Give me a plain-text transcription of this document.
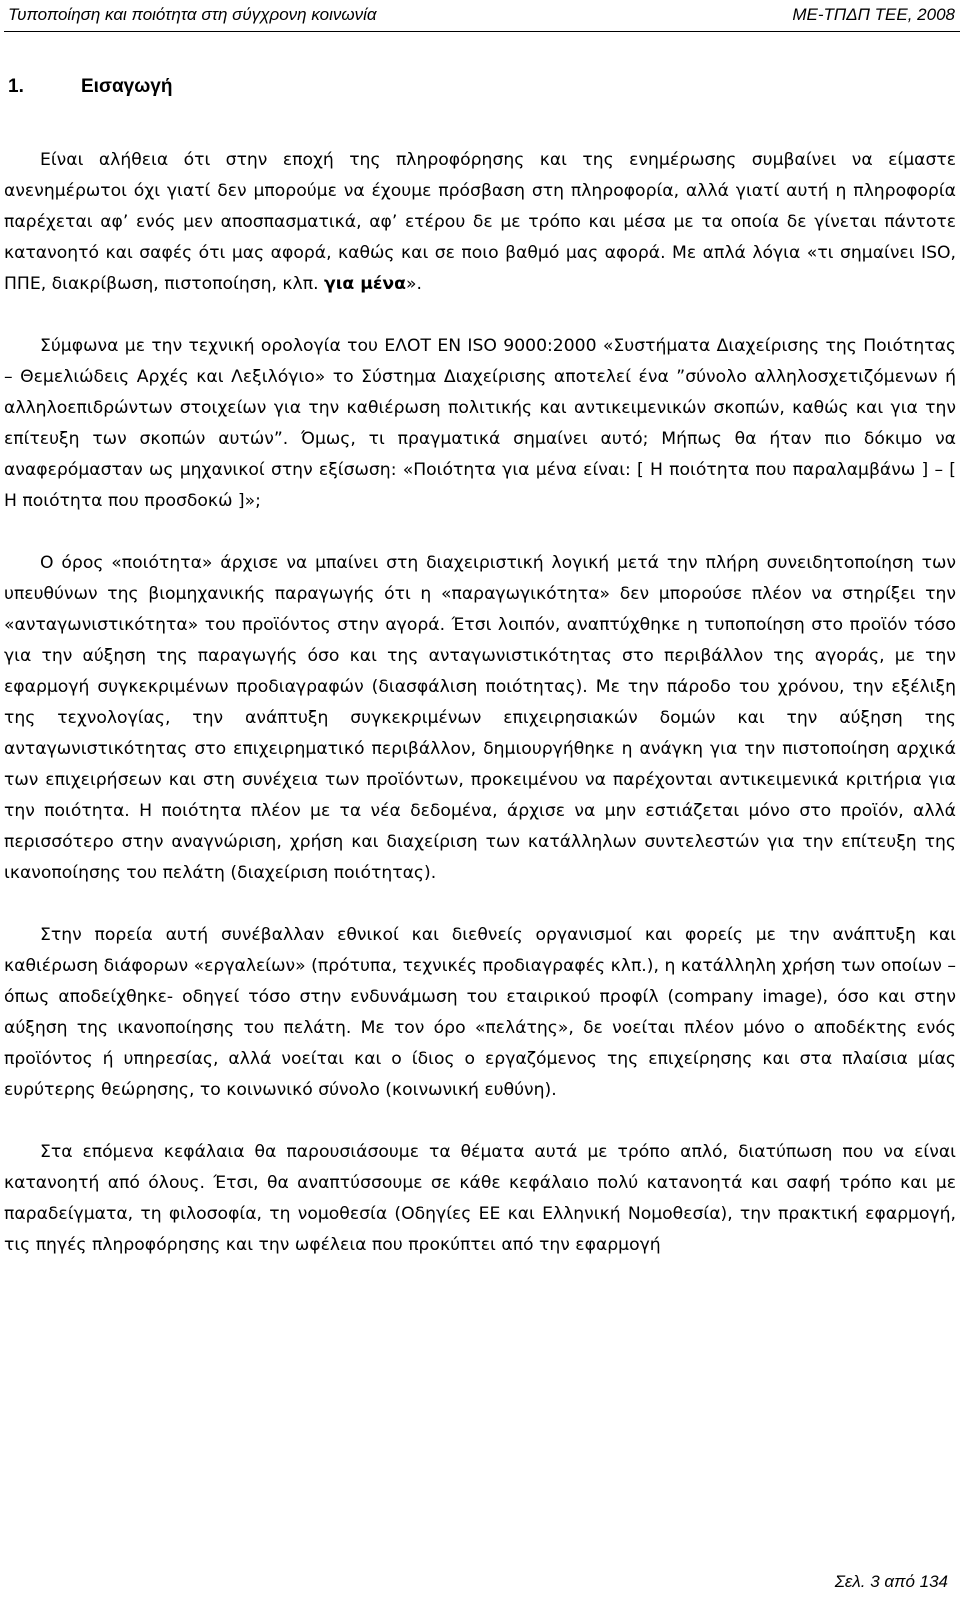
Τυποποίηση και ποιότητα στη σύγχρονη κοινωνία	ΜΕ-ΤΠΔΠ ΤΕΕ, 2008
1.	Εισαγωγή

Είναι αλήθεια ότι στην εποχή της πληροφόρησης και της ενημέρωσης συμβαίνει να είμαστε ανενημέρωτοι όχι γιατί δεν μπορούμε να έχουμε πρόσβαση στη πληροφορία, αλλά γιατί αυτή η πληροφορία παρέχεται αφ’ ενός μεν αποσπασματικά, αφ’ ετέρου δε με τρόπο και μέσα με τα οποία δε γίνεται πάντοτε κατανοητό και σαφές ότι μας αφορά, καθώς και σε ποιο βαθμό μας αφορά. Με απλά λόγια «τι σημαίνει ISO, ΠΠΕ, διακρίβωση, πιστοποίηση, κλπ. για μένα».

Σύμφωνα με την τεχνική ορολογία του ΕΛΟΤ EN ISO 9000:2000 «Συστήματα Διαχείρισης της Ποιότητας – Θεμελιώδεις Αρχές και Λεξιλόγιο» το Σύστημα Διαχείρισης αποτελεί ένα ”σύνολο αλληλοσχετιζόμενων ή αλληλοεπιδρώντων στοιχείων για την καθιέρωση πολιτικής και αντικειμενικών σκοπών, καθώς και για την επίτευξη των σκοπών αυτών”. Όμως, τι πραγματικά σημαίνει αυτό; Μήπως θα ήταν πιο δόκιμο να αναφερόμασταν ως μηχανικοί στην εξίσωση: «Ποιότητα για μένα είναι: [ Η ποιότητα που παραλαμβάνω ] – [ Η ποιότητα που προσδοκώ ]»;

Ο όρος «ποιότητα» άρχισε να μπαίνει στη διαχειριστική λογική μετά την πλήρη συνειδητοποίηση των υπευθύνων της βιομηχανικής παραγωγής ότι η «παραγωγικότητα» δεν μπορούσε πλέον να στηρίξει την «ανταγωνιστικότητα» του προϊόντος στην αγορά. Έτσι λοιπόν, αναπτύχθηκε η τυποποίηση στο προϊόν τόσο για την αύξηση της παραγωγής όσο και της ανταγωνιστικότητας στο περιβάλλον της αγοράς, με την εφαρμογή συγκεκριμένων προδιαγραφών (διασφάλιση ποιότητας). Με την πάροδο του χρόνου, την εξέλιξη της τεχνολογίας, την ανάπτυξη συγκεκριμένων επιχειρησιακών δομών και την αύξηση της ανταγωνιστικότητας στο επιχειρηματικό περιβάλλον, δημιουργήθηκε η ανάγκη για την πιστοποίηση αρχικά των επιχειρήσεων και στη συνέχεια των προϊόντων, προκειμένου να παρέχονται αντικειμενικά κριτήρια για την ποιότητα. Η ποιότητα πλέον με τα νέα δεδομένα, άρχισε να μην εστιάζεται μόνο στο προϊόν, αλλά περισσότερο στην αναγνώριση, χρήση και διαχείριση των κατάλληλων συντελεστών για την επίτευξη της ικανοποίησης του πελάτη (διαχείριση ποιότητας).

Στην πορεία αυτή συνέβαλλαν εθνικοί και διεθνείς οργανισμοί και φορείς με την ανάπτυξη και καθιέρωση διάφορων «εργαλείων» (πρότυπα, τεχνικές προδιαγραφές κλπ.), η κατάλληλη χρήση των οποίων –όπως αποδείχθηκε- οδηγεί τόσο στην ενδυνάμωση του εταιρικού προφίλ (company image), όσο και στην αύξηση της ικανοποίησης του πελάτη. Με τον όρο «πελάτης», δε νοείται πλέον μόνο ο αποδέκτης ενός προϊόντος ή υπηρεσίας, αλλά νοείται και ο ίδιος ο εργαζόμενος της επιχείρησης και στα πλαίσια μίας ευρύτερης θεώρησης, το κοινωνικό σύνολο (κοινωνική ευθύνη).

Στα επόμενα κεφάλαια θα παρουσιάσουμε τα θέματα αυτά με τρόπο απλό, διατύπωση που να είναι κατανοητή από όλους. Έτσι, θα αναπτύσσουμε σε κάθε κεφάλαιο πολύ κατανοητά και σαφή τρόπο και με παραδείγματα, τη φιλοσοφία, τη νομοθεσία (Οδηγίες ΕΕ και Ελληνική Νομοθεσία), την πρακτική εφαρμογή, τις πηγές πληροφόρησης και την ωφέλεια που προκύπτει από την εφαρμογή

Σελ. 3 από 134
